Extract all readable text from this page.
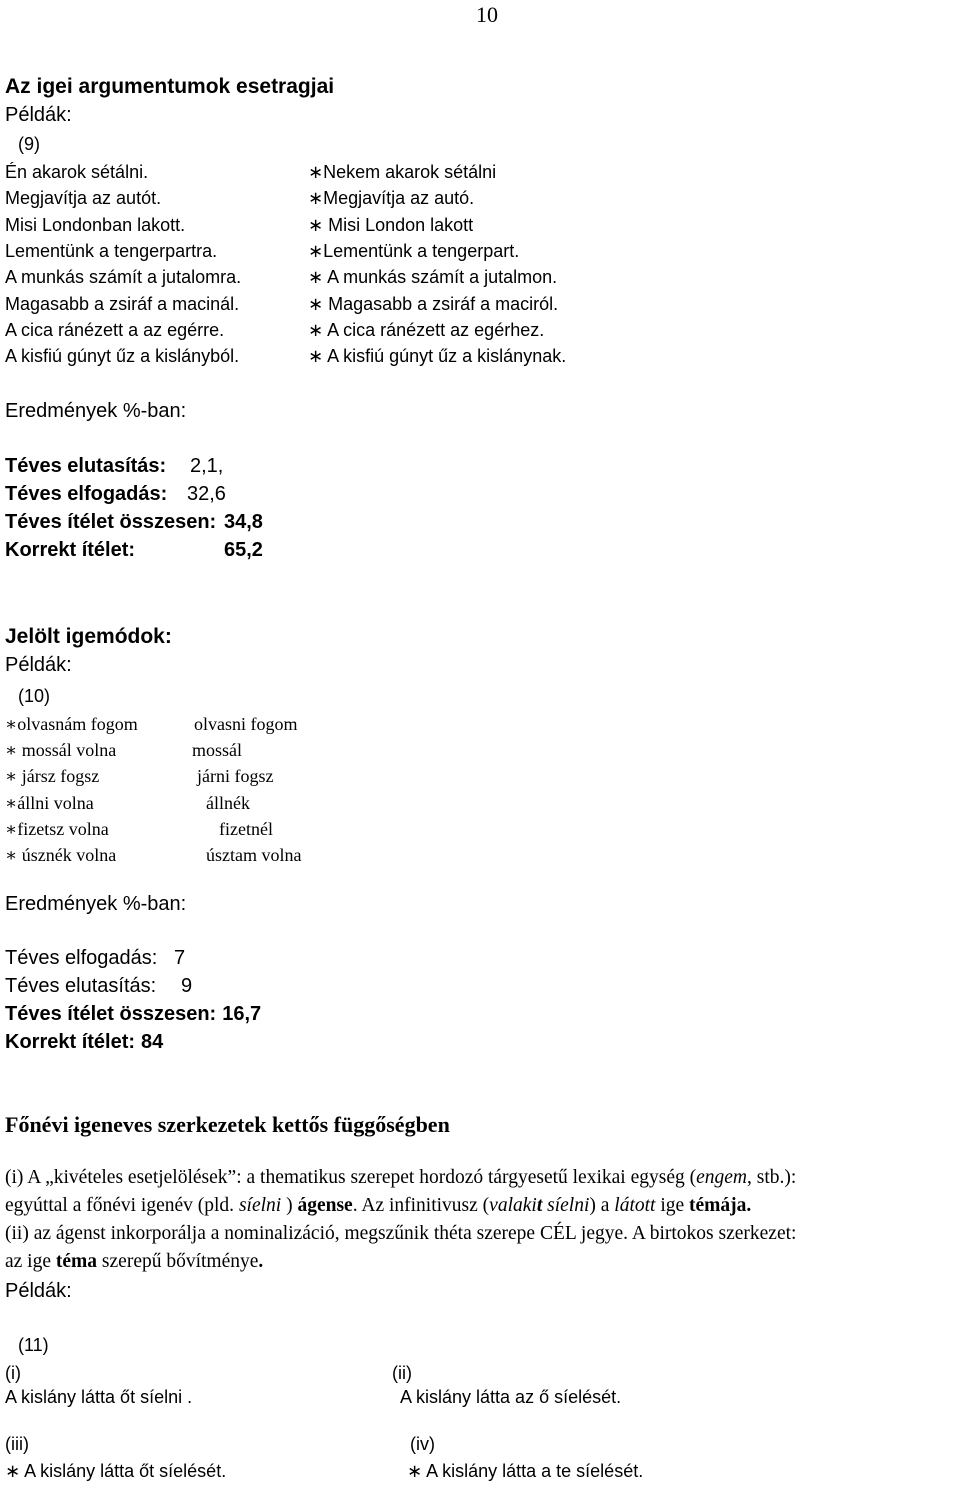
10
Az igei argumentumok esetragjai
Példák:
(9)
Én akarok sétálni.	∗Nekem akarok sétálni
Megjavítja az autót.	∗Megjavítja az autó.
Misi Londonban lakott.	∗ Misi London lakott
Lementünk a tengerpartra.	∗Lementünk a tengerpart.
A munkás számít a jutalomra.	∗ A munkás számít a jutalmon.
Magasabb a zsiráf a macinál.	∗ Magasabb a zsiráf a maciról.
A cica ránézett a az egérre.	∗ A cica ránézett az egérhez.
A kisfiú gúnyt űz a kislányból.	∗ A kisfiú gúnyt űz a kislánynak.
Eredmények %-ban:
Téves elutasítás: 2,1,
Téves elfogadás: 32,6
Téves ítélet összesen: 34,8
Korrekt ítélet:	65,2
Jelölt igemódok:
Példák:
(10)
∗olvasnám fogom	olvasni fogom
∗ mossál volna	mossál
∗ jársz fogsz	járni fogsz
∗állni volna	állnék
∗fizetsz volna	fizetnél
∗ úsznék volna	úsztam volna
Eredmények %-ban:
Téves elfogadás: 7
Téves elutasítás: 9
Téves ítélet összesen: 16,7
Korrekt ítélet: 84
Főnévi igeneves szerkezetek kettős függőségben
(i) A „kivételes esetjelölések”: a thematikus szerepet hordozó tárgyesetű lexikai egység (engem, stb.):
egyúttal a főnévi igenév (pld. síelni ) ágense. Az infinitivusz (valakit síelni) a látott ige témája.
(ii) az ágenst inkorporálja a nominalizáció, megszűnik théta szerepe CÉL jegye. A birtokos szerkezet:
az ige téma szerepű bővítménye.
Példák:
(11)
(i)
A kislány látta őt síelni .
(ii)
A kislány látta az ő síelését.
(iii)
∗ A kislány látta őt síelését.
(iv)
∗ A kislány látta a te síelését.
